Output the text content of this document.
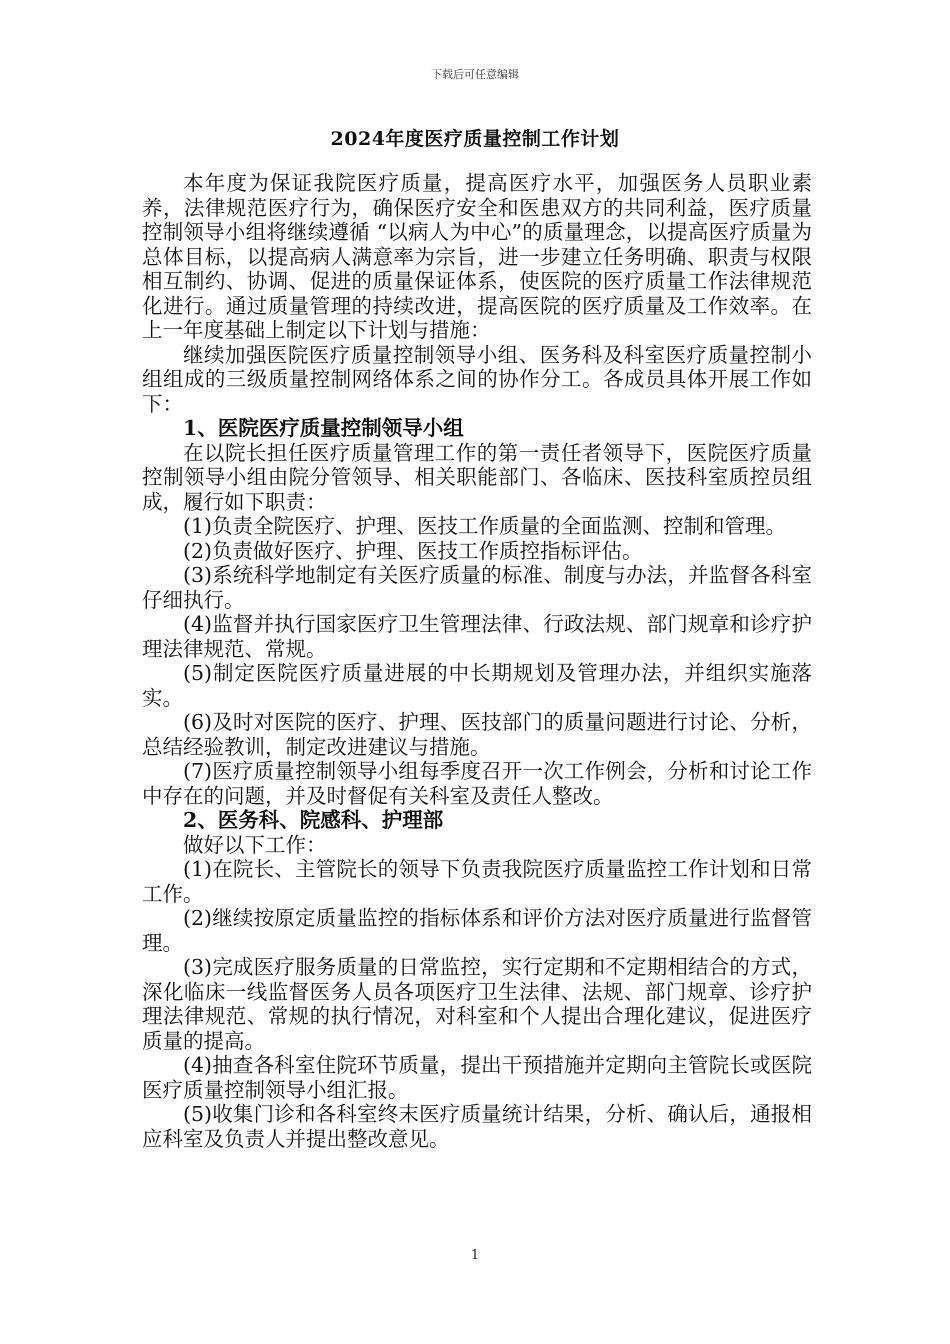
下载后可任意编辑
2024年度医疗质量控制工作计划

本年度为保证我院医疗质量，提高医疗水平，加强医务人员职业素养，法律规范医疗行为，确保医疗安全和医患双方的共同利益，医疗质量控制领导小组将继续遵循 “以病人为中心”的质量理念，以提高医疗质量为总体目标，以提高病人满意率为宗旨，进一步建立任务明确、职责与权限相互制约、协调、促进的质量保证体系，使医院的医疗质量工作法律规范化进行。通过质量管理的持续改进，提高医院的医疗质量及工作效率。在上一年度基础上制定以下计划与措施：

继续加强医院医疗质量控制领导小组、医务科及科室医疗质量控制小组组成的三级质量控制网络体系之间的协作分工。各成员具体开展工作如下：

1、医院医疗质量控制领导小组

在以院长担任医疗质量管理工作的第一责任者领导下，医院医疗质量控制领导小组由院分管领导、相关职能部门、各临床、医技科室质控员组成，履行如下职责：

(1)负责全院医疗、护理、医技工作质量的全面监测、控制和管理。

(2)负责做好医疗、护理、医技工作质控指标评估。

(3)系统科学地制定有关医疗质量的标准、制度与办法，并监督各科室仔细执行。

(4)监督并执行国家医疗卫生管理法律、行政法规、部门规章和诊疗护理法律规范、常规。

(5)制定医院医疗质量进展的中长期规划及管理办法，并组织实施落实。

(6)及时对医院的医疗、护理、医技部门的质量问题进行讨论、分析，总结经验教训，制定改进建议与措施。

(7)医疗质量控制领导小组每季度召开一次工作例会，分析和讨论工作中存在的问题，并及时督促有关科室及责任人整改。

2、医务科、院感科、护理部

做好以下工作：

(1)在院长、主管院长的领导下负责我院医疗质量监控工作计划和日常工作。

(2)继续按原定质量监控的指标体系和评价方法对医疗质量进行监督管理。

(3)完成医疗服务质量的日常监控，实行定期和不定期相结合的方式，深化临床一线监督医务人员各项医疗卫生法律、法规、部门规章、诊疗护理法律规范、常规的执行情况，对科室和个人提出合理化建议，促进医疗质量的提高。

(4)抽查各科室住院环节质量，提出干预措施并定期向主管院长或医院医疗质量控制领导小组汇报。

(5)收集门诊和各科室终末医疗质量统计结果，分析、确认后，通报相应科室及负责人并提出整改意见。

1
